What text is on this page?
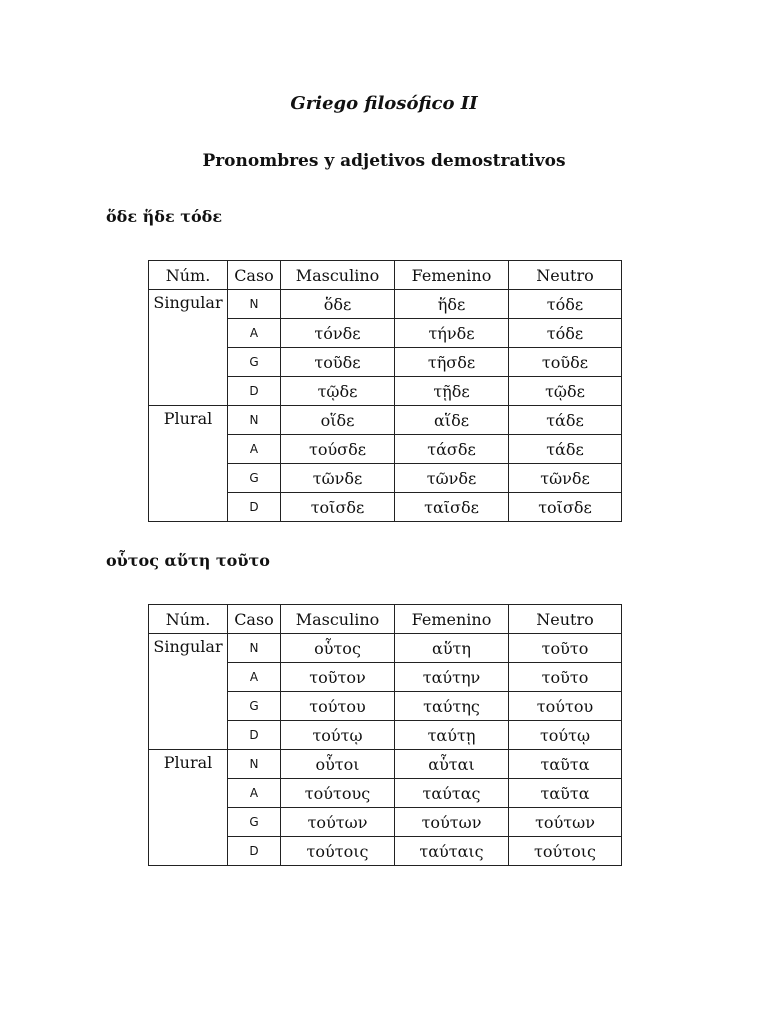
Griego filosófico II
Pronombres y adjetivos demostrativos
ὅδε ἥδε τόδε
Núm.	Caso	Masculino	Femenino	Neutro
Singular	N	ὅδε	ἥδε	τόδε
	A	τόνδε	τήνδε	τόδε
	G	τοῦδε	τῆσδε	τοῦδε
	D	τῷδε	τῇδε	τῷδε
Plural	N	οἵδε	αἵδε	τάδε
	A	τούσδε	τάσδε	τάδε
	G	τῶνδε	τῶνδε	τῶνδε
	D	τοῖσδε	ταῖσδε	τοῖσδε
οὗτος αὕτη τοῦτο
Núm.	Caso	Masculino	Femenino	Neutro
Singular	N	οὗτος	αὕτη	τοῦτο
	A	τοῦτον	ταύτην	τοῦτο
	G	τούτου	ταύτης	τούτου
	D	τούτῳ	ταύτῃ	τούτῳ
Plural	N	οὗτοι	αὗται	ταῦτα
	A	τούτους	ταύτας	ταῦτα
	G	τούτων	τούτων	τούτων
	D	τούτοις	ταύταις	τούτοις
